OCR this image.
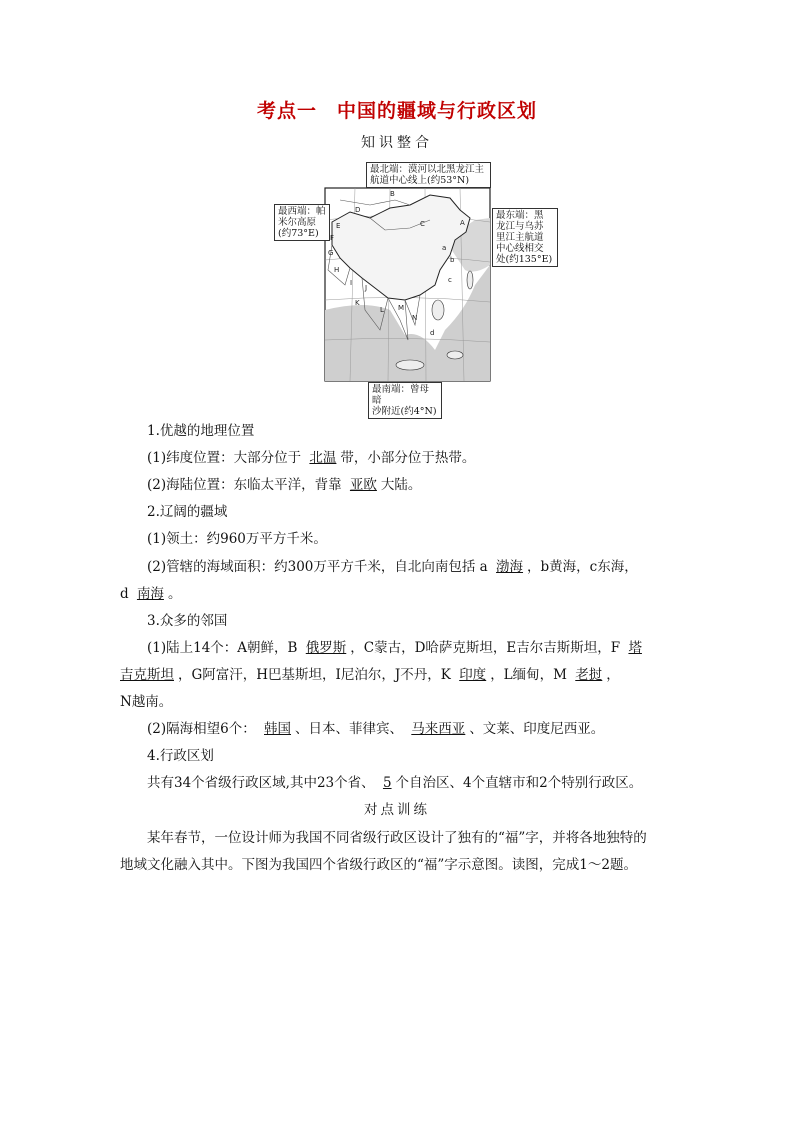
考点一　中国的疆域与行政区划
知识整合
A
B
C
D
E
F
G
H
I
J
K
L M
N
a
b
c
d
最北端：漠河以北黑龙江主航道中心线上(约53°N)
最西端：帕
米尔高原
(约73°E)
最东端：黑
龙江与乌苏
里江主航道
中心线相交
处(约135°E)
最南端：曾母暗
沙附近(约4°N)
1.优越的地理位置
(1)纬度位置：大部分位于 北温 带，小部分位于热带。
(2)海陆位置：东临太平洋，背靠 亚欧 大陆。
2.辽阔的疆域
(1)领土：约960万平方千米。
(2)管辖的海域面积：约300万平方千米，自北向南包括 a 渤海 ，b黄海，c东海，
d 南海 。
3.众多的邻国
(1)陆上14个：A朝鲜，B 俄罗斯 ，C蒙古，D哈萨克斯坦，E吉尔吉斯斯坦，F 塔
吉克斯坦 ，G阿富汗，H巴基斯坦，I尼泊尔，J不丹，K 印度 ，L缅甸，M 老挝 ，
N越南。
(2)隔海相望6个： 韩国 、日本、菲律宾、 马来西亚 、文莱、印度尼西亚。
4.行政区划
共有34个省级行政区域,其中23个省、 5 个自治区、4个直辖市和2个特别行政区。
对点训练
某年春节，一位设计师为我国不同省级行政区设计了独有的“福”字，并将各地独特的
地域文化融入其中。下图为我国四个省级行政区的“福”字示意图。读图，完成1～2题。
